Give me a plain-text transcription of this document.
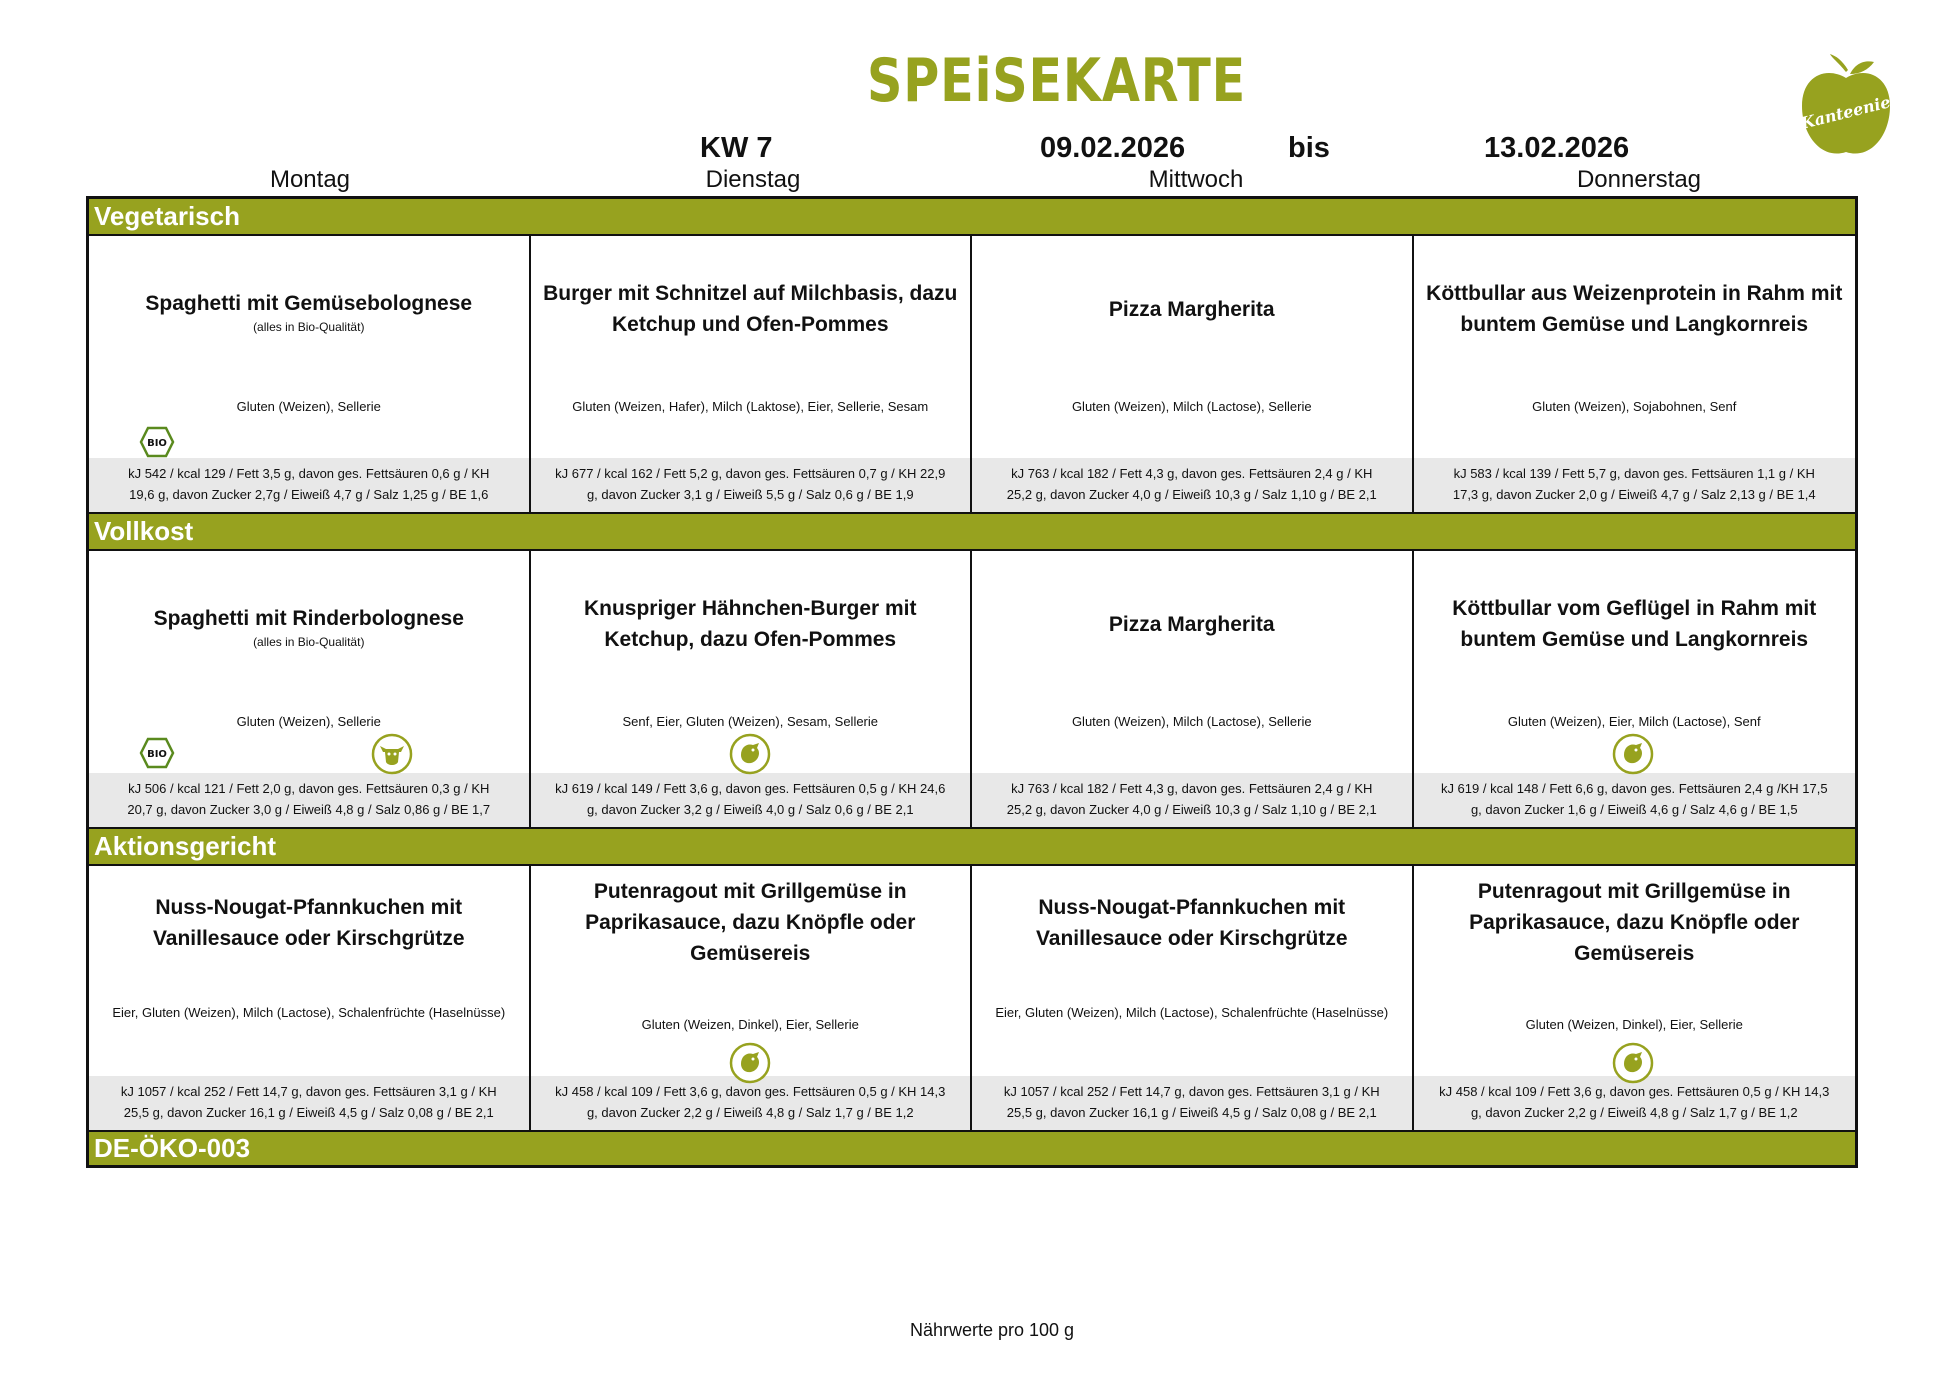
SPEiSEKARTE	Kanteenie
KW 7	09.02.2026	bis	13.02.2026
Montag	Dienstag	Mittwoch	Donnerstag
Vegetarisch
Spaghetti mit Gemüsebolognese
(alles in Bio-Qualität)
Gluten (Weizen), Sellerie
BIO
kJ 542 / kcal 129 / Fett 3,5 g, davon ges. Fettsäuren 0,6 g / KH
19,6 g, davon Zucker 2,7g / Eiweiß 4,7 g / Salz 1,25 g / BE 1,6
Burger mit Schnitzel auf Milchbasis, dazu Ketchup und Ofen-Pommes
Gluten (Weizen, Hafer), Milch (Laktose), Eier, Sellerie, Sesam
kJ 677 / kcal 162 / Fett 5,2 g, davon ges. Fettsäuren 0,7 g / KH 22,9
g, davon Zucker 3,1 g / Eiweiß 5,5 g / Salz 0,6 g / BE 1,9
Pizza Margherita
Gluten (Weizen), Milch (Lactose), Sellerie
kJ 763 / kcal 182 / Fett 4,3 g, davon ges. Fettsäuren 2,4 g / KH
25,2 g, davon Zucker 4,0 g / Eiweiß 10,3 g / Salz 1,10 g / BE 2,1
Köttbullar aus Weizenprotein in Rahm mit buntem Gemüse und Langkornreis
Gluten (Weizen), Sojabohnen, Senf
kJ 583 / kcal 139 / Fett 5,7 g, davon ges. Fettsäuren 1,1 g / KH
17,3 g, davon Zucker 2,0 g / Eiweiß 4,7 g / Salz 2,13 g / BE 1,4
Vollkost
Spaghetti mit Rinderbolognese
(alles in Bio-Qualität)
Gluten (Weizen), Sellerie
BIO
kJ 506 / kcal 121 / Fett 2,0 g, davon ges. Fettsäuren 0,3 g / KH
20,7 g, davon Zucker 3,0 g / Eiweiß 4,8 g / Salz 0,86 g / BE 1,7
Knuspriger Hähnchen-Burger mit Ketchup, dazu Ofen-Pommes
Senf, Eier, Gluten (Weizen), Sesam, Sellerie
kJ 619 / kcal 149 / Fett 3,6 g, davon ges. Fettsäuren 0,5 g / KH 24,6
g, davon Zucker 3,2 g / Eiweiß 4,0 g / Salz 0,6 g / BE 2,1
Pizza Margherita
Gluten (Weizen), Milch (Lactose), Sellerie
kJ 763 / kcal 182 / Fett 4,3 g, davon ges. Fettsäuren 2,4 g / KH
25,2 g, davon Zucker 4,0 g / Eiweiß 10,3 g / Salz 1,10 g / BE 2,1
Köttbullar vom Geflügel in Rahm mit buntem Gemüse und Langkornreis
Gluten (Weizen), Eier, Milch (Lactose), Senf
kJ 619 / kcal 148 / Fett 6,6 g, davon ges. Fettsäuren 2,4 g /KH 17,5
g, davon Zucker 1,6 g / Eiweiß 4,6 g / Salz 4,6 g / BE 1,5
Aktionsgericht
Nuss-Nougat-Pfannkuchen mit Vanillesauce oder Kirschgrütze
Eier, Gluten (Weizen), Milch (Lactose), Schalenfrüchte (Haselnüsse)
kJ 1057 / kcal 252 / Fett 14,7 g, davon ges. Fettsäuren 3,1 g / KH
25,5 g, davon Zucker 16,1 g / Eiweiß 4,5 g / Salz 0,08 g / BE 2,1
Putenragout mit Grillgemüse in Paprikasauce, dazu Knöpfle oder Gemüsereis
Gluten (Weizen, Dinkel), Eier, Sellerie
kJ 458 / kcal 109 / Fett 3,6 g, davon ges. Fettsäuren 0,5 g / KH 14,3
g, davon Zucker 2,2 g / Eiweiß 4,8 g / Salz 1,7 g / BE 1,2
Nuss-Nougat-Pfannkuchen mit Vanillesauce oder Kirschgrütze
Eier, Gluten (Weizen), Milch (Lactose), Schalenfrüchte (Haselnüsse)
kJ 1057 / kcal 252 / Fett 14,7 g, davon ges. Fettsäuren 3,1 g / KH
25,5 g, davon Zucker 16,1 g / Eiweiß 4,5 g / Salz 0,08 g / BE 2,1
Putenragout mit Grillgemüse in Paprikasauce, dazu Knöpfle oder Gemüsereis
Gluten (Weizen, Dinkel), Eier, Sellerie
kJ 458 / kcal 109 / Fett 3,6 g, davon ges. Fettsäuren 0,5 g / KH 14,3
g, davon Zucker 2,2 g / Eiweiß 4,8 g / Salz 1,7 g / BE 1,2
DE-ÖKO-003
Nährwerte pro 100 g
